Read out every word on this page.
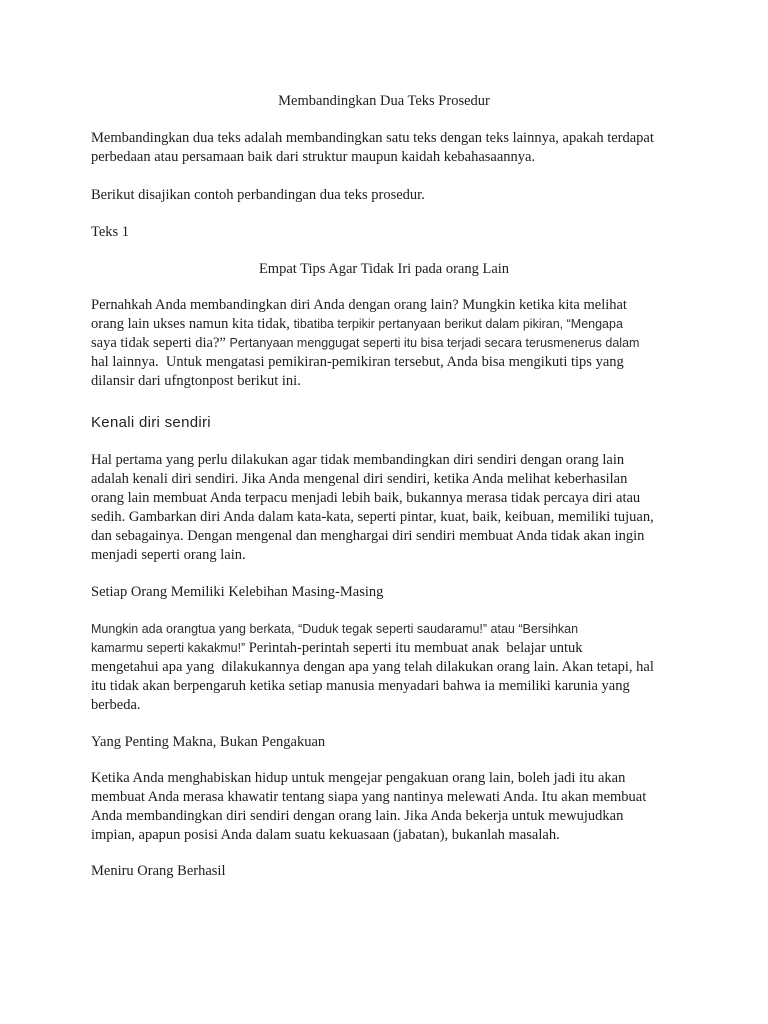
Membandingkan Dua Teks Prosedur
Membandingkan dua teks adalah membandingkan satu teks dengan teks lainnya, apakah terdapat
perbedaan atau persamaan baik dari struktur maupun kaidah kebahasaannya.
Berikut disajikan contoh perbandingan dua teks prosedur.
Teks 1
Empat Tips Agar Tidak Iri pada orang Lain
Pernahkah Anda membandingkan diri Anda dengan orang lain? Mungkin ketika kita melihat
orang lain ukses namun kita tidak, tibatiba terpikir pertanyaan berikut dalam pikiran, “Mengapa
saya tidak seperti dia?” Pertanyaan menggugat seperti itu bisa terjadi secara terusmenerus dalam
hal lainnya.  Untuk mengatasi pemikiran-pemikiran tersebut, Anda bisa mengikuti tips yang
dilansir dari ufngtonpost berikut ini.
Kenali diri sendiri
Hal pertama yang perlu dilakukan agar tidak membandingkan diri sendiri dengan orang lain
adalah kenali diri sendiri. Jika Anda mengenal diri sendiri, ketika Anda melihat keberhasilan
orang lain membuat Anda terpacu menjadi lebih baik, bukannya merasa tidak percaya diri atau
sedih. Gambarkan diri Anda dalam kata-kata, seperti pintar, kuat, baik, keibuan, memiliki tujuan,
dan sebagainya. Dengan mengenal dan menghargai diri sendiri membuat Anda tidak akan ingin
menjadi seperti orang lain.
Setiap Orang Memiliki Kelebihan Masing-Masing
Mungkin ada orangtua yang berkata, “Duduk tegak seperti saudaramu!” atau “Bersihkan
kamarmu seperti kakakmu!” Perintah-perintah seperti itu membuat anak  belajar untuk
mengetahui apa yang  dilakukannya dengan apa yang telah dilakukan orang lain. Akan tetapi, hal
itu tidak akan berpengaruh ketika setiap manusia menyadari bahwa ia memiliki karunia yang
berbeda.
Yang Penting Makna, Bukan Pengakuan
Ketika Anda menghabiskan hidup untuk mengejar pengakuan orang lain, boleh jadi itu akan
membuat Anda merasa khawatir tentang siapa yang nantinya melewati Anda. Itu akan membuat
Anda membandingkan diri sendiri dengan orang lain. Jika Anda bekerja untuk mewujudkan
impian, apapun posisi Anda dalam suatu kekuasaan (jabatan), bukanlah masalah.
Meniru Orang Berhasil
